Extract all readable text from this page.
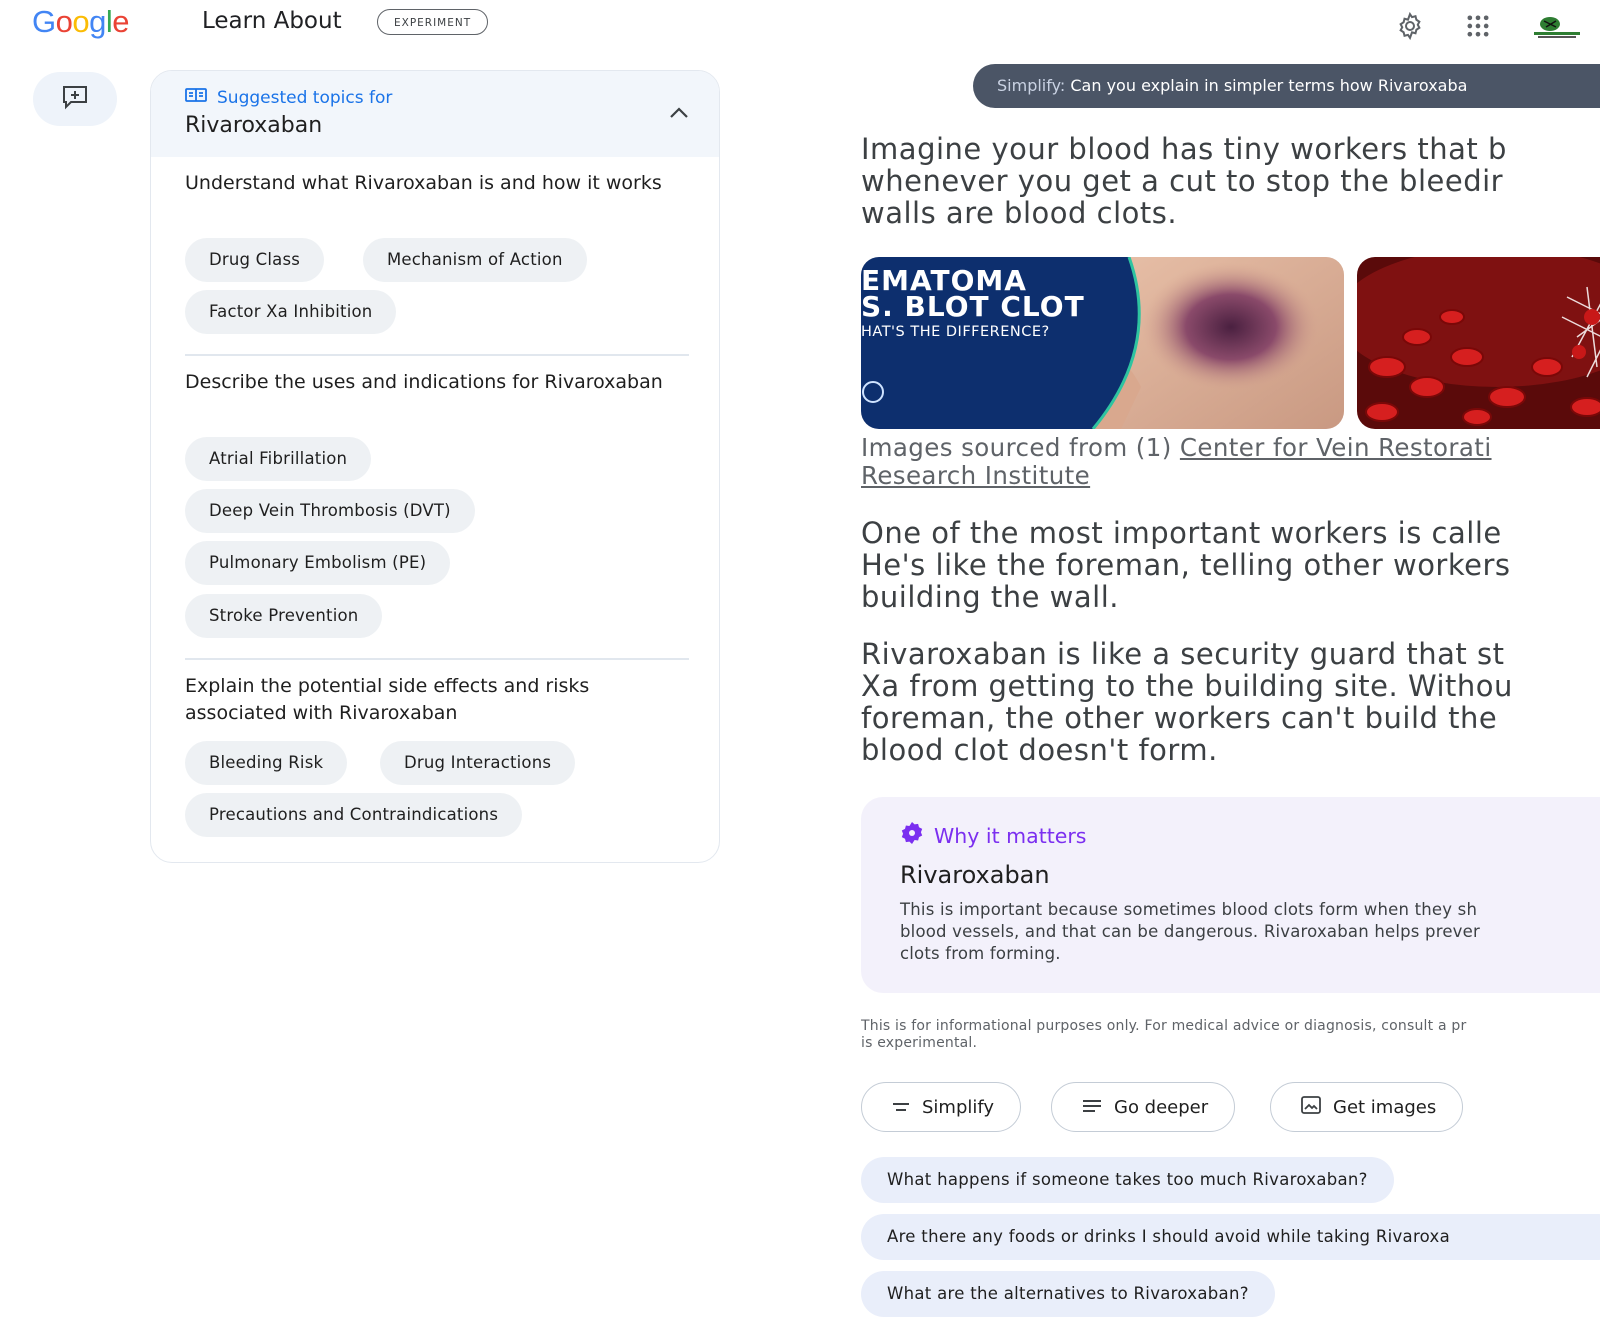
Google	Learn About	EXPERIMENT
Suggested topics for
Rivaroxaban
Understand what Rivaroxaban is and how it works
Drug Class	Mechanism of Action
Factor Xa Inhibition
Describe the uses and indications for Rivaroxaban
Atrial Fibrillation
Deep Vein Thrombosis (DVT)
Pulmonary Embolism (PE)
Stroke Prevention
Explain the potential side effects and risks associated with Rivaroxaban
Bleeding Risk	Drug Interactions
Precautions and Contraindications
Simplify: Can you explain in simpler terms how Rivaroxaba
Imagine your blood has tiny workers that b
whenever you get a cut to stop the bleedir
walls are blood clots.
EMATOMA
S. BLOT CLOT
HAT'S THE DIFFERENCE?
Images sourced from (1) Center for Vein Restorati
Research Institute
One of the most important workers is calle
He's like the foreman, telling other workers
building the wall.
Rivaroxaban is like a security guard that st
Xa from getting to the building site. Withou
foreman, the other workers can't build the
blood clot doesn't form.
Why it matters
Rivaroxaban
This is important because sometimes blood clots form when they sh
blood vessels, and that can be dangerous. Rivaroxaban helps prever
clots from forming.
This is for informational purposes only. For medical advice or diagnosis, consult a pr
is experimental.
Simplify	Go deeper	Get images
What happens if someone takes too much Rivaroxaban?
Are there any foods or drinks I should avoid while taking Rivaroxa
What are the alternatives to Rivaroxaban?
